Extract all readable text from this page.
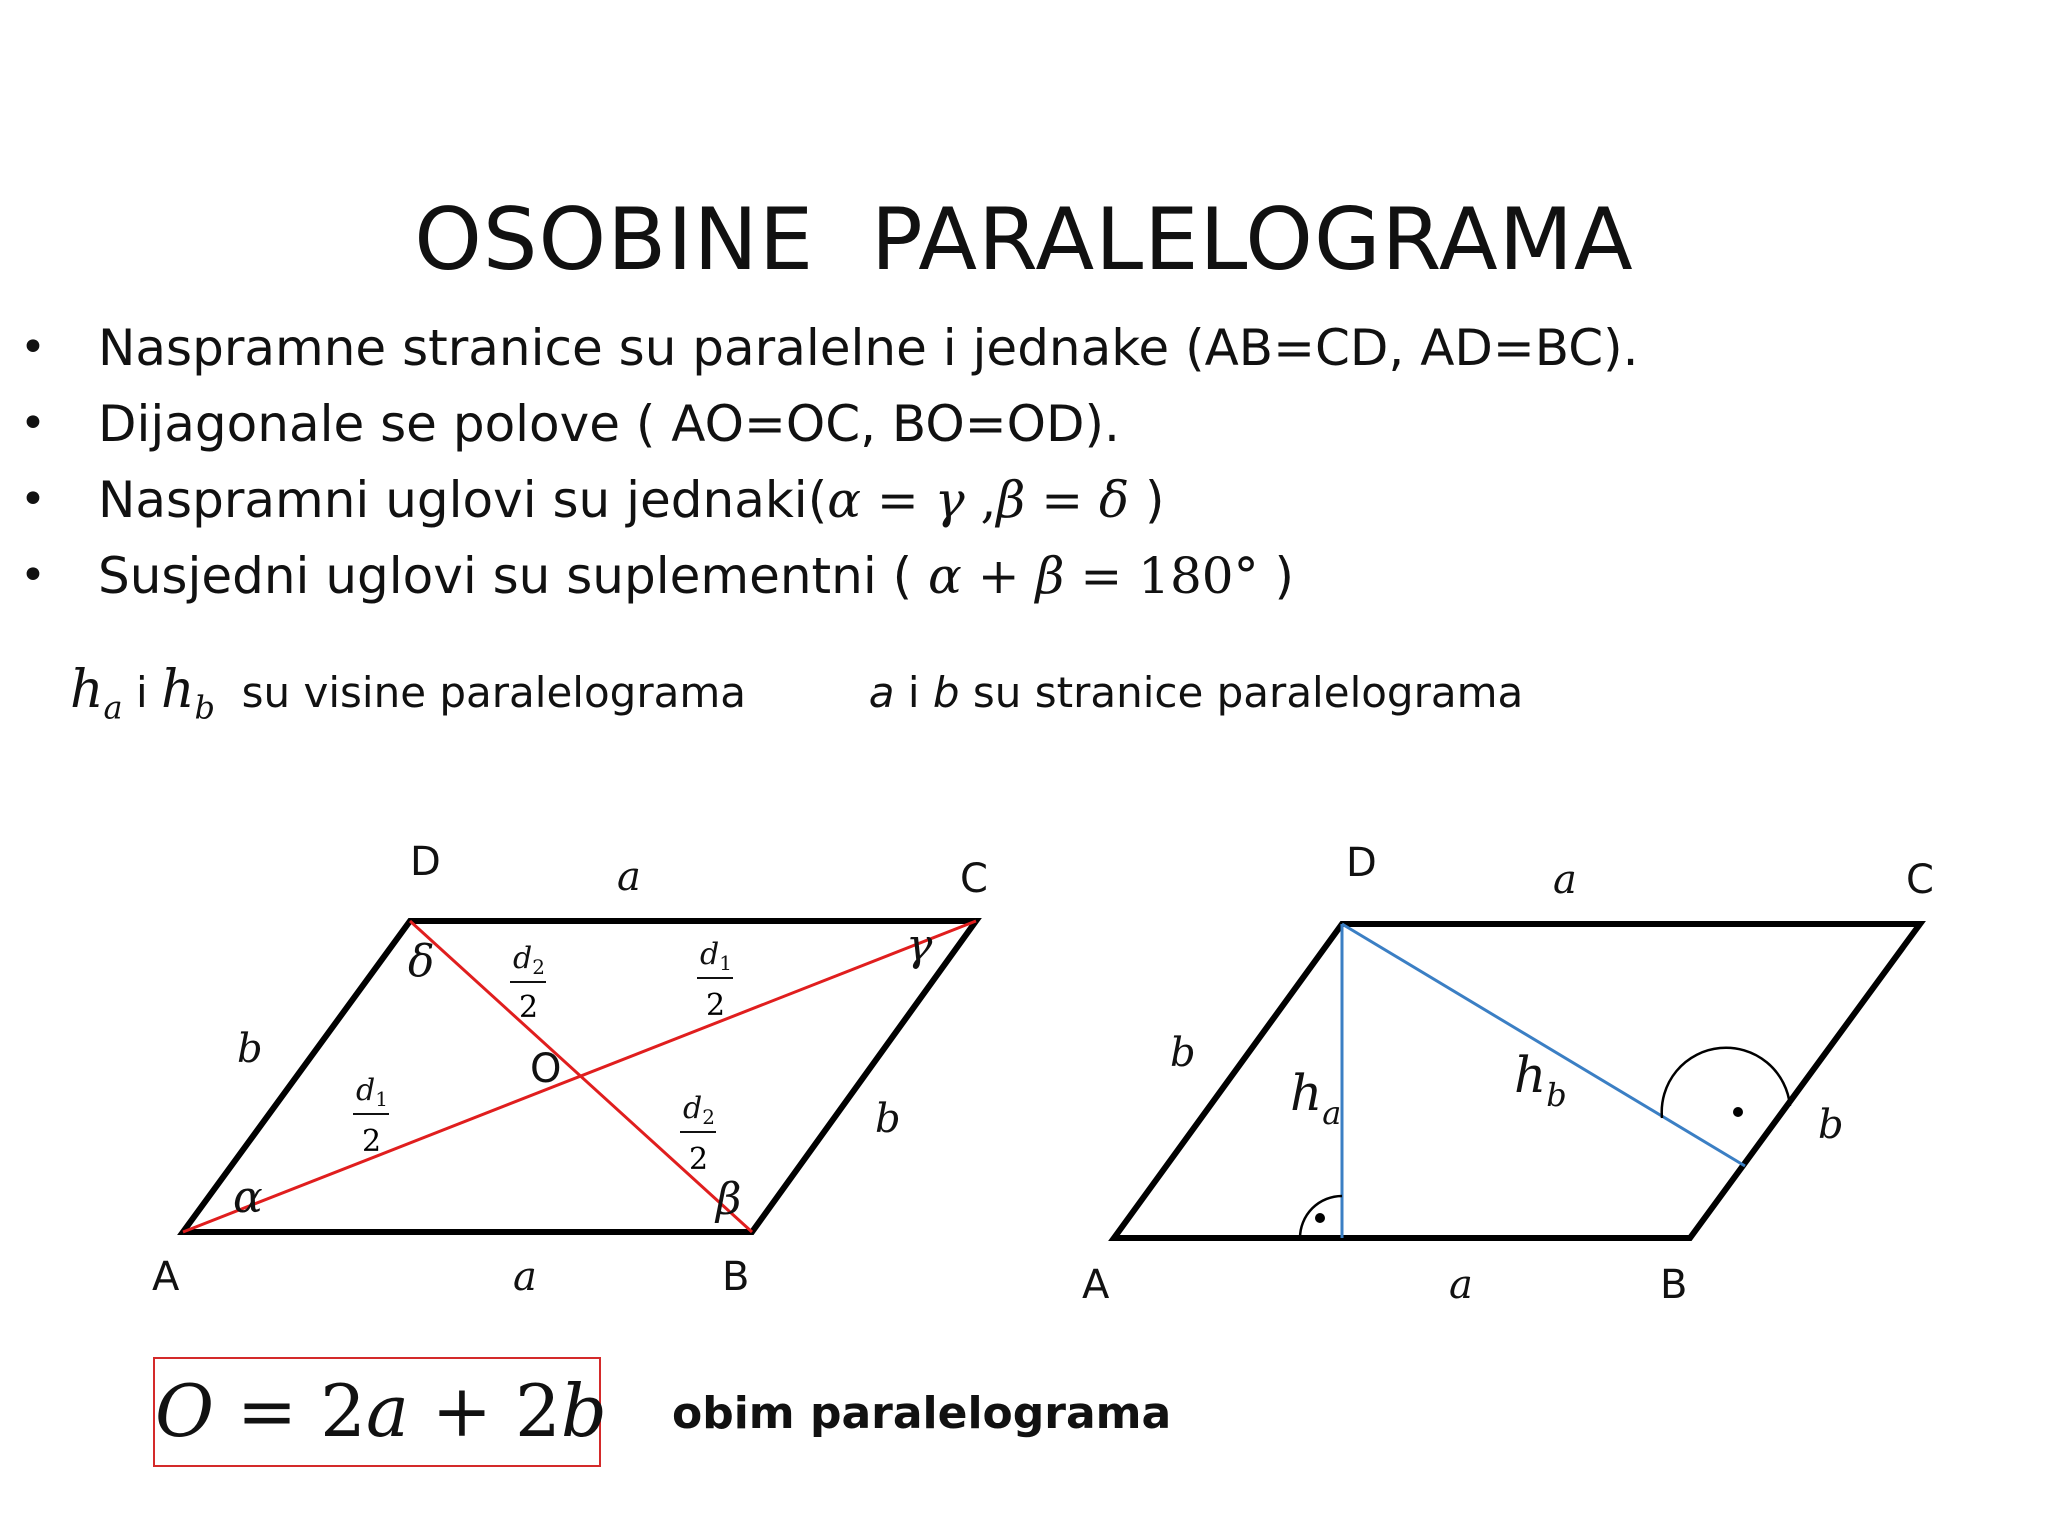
OSOBINE  PARALELOGRAMA
• Naspramne stranice su paralelne i jednake (AB=CD, AD=BC).
• Dijagonale se polove ( AO=OC, BO=OD).
• Naspramni uglovi su jednaki(α = γ ,β = δ )
• Susjedni uglovi su suplementni ( α + β = 180° )
$h_a$ i $h_b$ su visine paralelograma	a i b su stranice paralelograma
A	B
C
D
O
a
a
b
b
α	β
γ
δ	$d_2$
2
$d_1$
2
$d_1$
2
$d_2$
2
A	B
C
D	a
a
b
b
$h_a$
$h_b$
O = 2a + 2b obim paralelograma
